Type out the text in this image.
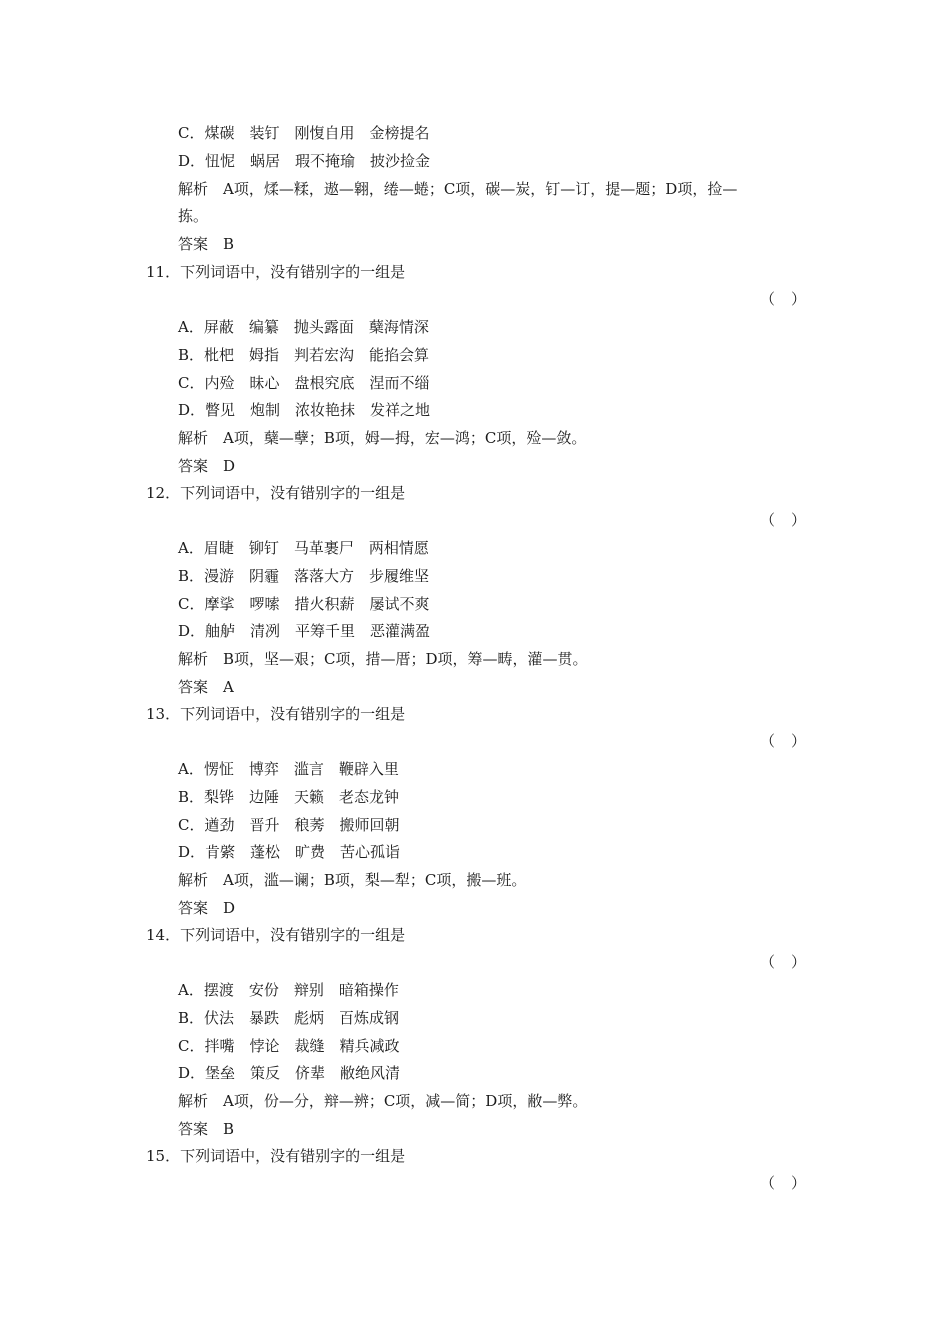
C．煤碳　装钉　刚愎自用　金榜提名
D．忸怩　蜗居　瑕不掩瑜　披沙捡金
解析　A项，煣—糅，遨—翱，绻—蜷；C项，碳—炭，钉—订，提—题；D项，捡—
拣。
答案　B
11．下列词语中，没有错别字的一组是
（ ）
A．屏蔽　编纂　抛头露面　蘖海情深
B．枇杷　姆指　判若宏沟　能掐会算
C．内殓　昧心　盘根究底　涅而不缁
D．瞥见　炮制　浓妆艳抹　发祥之地
解析　A项，蘖—孽；B项，姆—拇，宏—鸿；C项，殓—敛。
答案　D
12．下列词语中，没有错别字的一组是
（ ）
A．眉睫　铆钉　马革裹尸　两相情愿
B．漫游　阴霾　落落大方　步履维坚
C．摩挲　啰嗦　措火积薪　屡试不爽
D．舳舻　清冽　平筹千里　恶灌满盈
解析　B项，坚—艰；C项，措—厝；D项，筹—畴，灌—贯。
答案　A
13．下列词语中，没有错别字的一组是
（ ）
A．愣怔　博弈　滥言　鞭辟入里
B．梨铧　边陲　天籁　老态龙钟
C．遒劲　晋升　稂莠　搬师回朝
D．肯綮　蓬松　旷费　苦心孤诣
解析　A项，滥—谰；B项，梨—犁；C项，搬—班。
答案　D
14．下列词语中，没有错别字的一组是
（ ）
A．摆渡　安份　辩别　暗箱操作
B．伏法　暴跌　彪炳　百炼成钢
C．拌嘴　悖论　裁缝　精兵减政
D．堡垒　策反　侪辈　敝绝风清
解析　A项，份—分，辩—辨；C项，减—简；D项，敝—弊。
答案　B
15．下列词语中，没有错别字的一组是
（ ）
